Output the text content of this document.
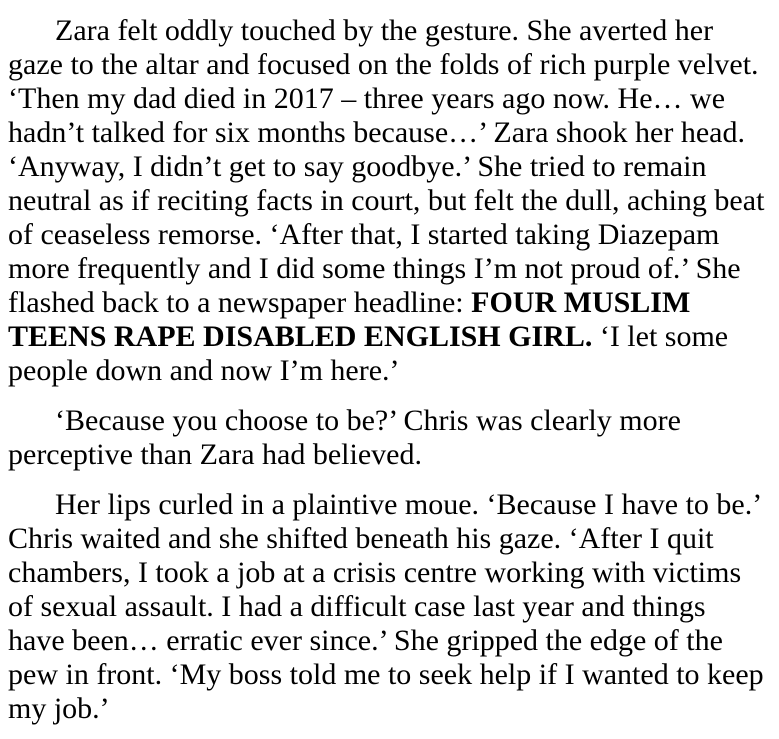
Zara felt oddly touched by the gesture. She averted her
gaze to the altar and focused on the folds of rich purple velvet.
‘Then my dad died in 2017 – three years ago now. He… we
hadn’t talked for six months because…’ Zara shook her head.
‘Anyway, I didn’t get to say goodbye.’ She tried to remain
neutral as if reciting facts in court, but felt the dull, aching beat
of ceaseless remorse. ‘After that, I started taking Diazepam
more frequently and I did some things I’m not proud of.’ She
flashed back to a newspaper headline: FOUR MUSLIM
TEENS RAPE DISABLED ENGLISH GIRL. ‘I let some
people down and now I’m here.’
‘Because you choose to be?’ Chris was clearly more
perceptive than Zara had believed.
Her lips curled in a plaintive moue. ‘Because I have to be.’
Chris waited and she shifted beneath his gaze. ‘After I quit
chambers, I took a job at a crisis centre working with victims
of sexual assault. I had a difficult case last year and things
have been… erratic ever since.’ She gripped the edge of the
pew in front. ‘My boss told me to seek help if I wanted to keep
my job.’
